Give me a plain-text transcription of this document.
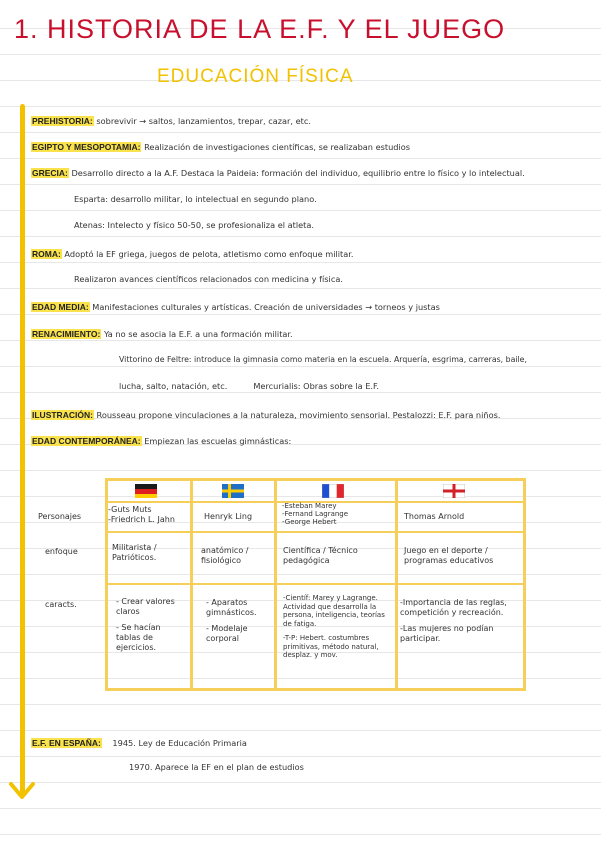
1. HISTORIA DE LA E.F. Y EL JUEGO
EDUCACIÓN FÍSICA
PREHISTORIA: sobrevivir → saltos, lanzamientos, trepar, cazar, etc.
EGIPTO Y MESOPOTAMIA: Realización de investigaciones científicas, se realizaban estudios
GRECIA: Desarrollo directo a la A.F. Destaca la Paideia: formación del individuo, equilibrio entre lo físico y lo intelectual.
Esparta: desarrollo militar, lo intelectual en segundo plano.
Atenas: Intelecto y físico 50-50, se profesionaliza el atleta.
ROMA: Adoptó la EF griega, juegos de pelota, atletismo como enfoque militar.
Realizaron avances científicos relacionados con medicina y física.
EDAD MEDIA: Manifestaciones culturales y artísticas. Creación de universidades → torneos y justas
RENACIMIENTO: Ya no se asocia la E.F. a una formación militar.
Vittorino de Feltre: introduce la gimnasia como materia en la escuela. Arquería, esgrima, carreras, baile,
lucha, salto, natación, etc.          Mercurialis: Obras sobre la E.F.
ILUSTRACIÓN: Rousseau propone vinculaciones a la naturaleza, movimiento sensorial. Pestalozzi: E.F. para niños.
EDAD CONTEMPORÁNEA: Empiezan las escuelas gimnásticas:
Personajes
enfoque
caracts.
-Guts Muts
-Friedrich L. Jahn
Militarista / Patrióticos.
- Crear valores claros
- Se hacían tablas de ejercicios.
Henryk Ling
anatómico / fisiológico
- Aparatos gimnásticos.
- Modelaje corporal
-Esteban Marey
-Fernand Lagrange
-George Hebert
Científica / Técnico pedagógica
-Científ: Marey y Lagrange. Actividad que desarrolla la persona, inteligencia, teorías de fatiga.
-T-P: Hebert. costumbres primitivas, método natural, desplaz. y mov.
Thomas Arnold
Juego en el deporte / programas educativos
-Importancia de las reglas, competición y recreación.
-Las mujeres no podían participar.
E.F. EN ESPAÑA: 1945. Ley de Educación Primaria
1970. Aparece la EF en el plan de estudios
